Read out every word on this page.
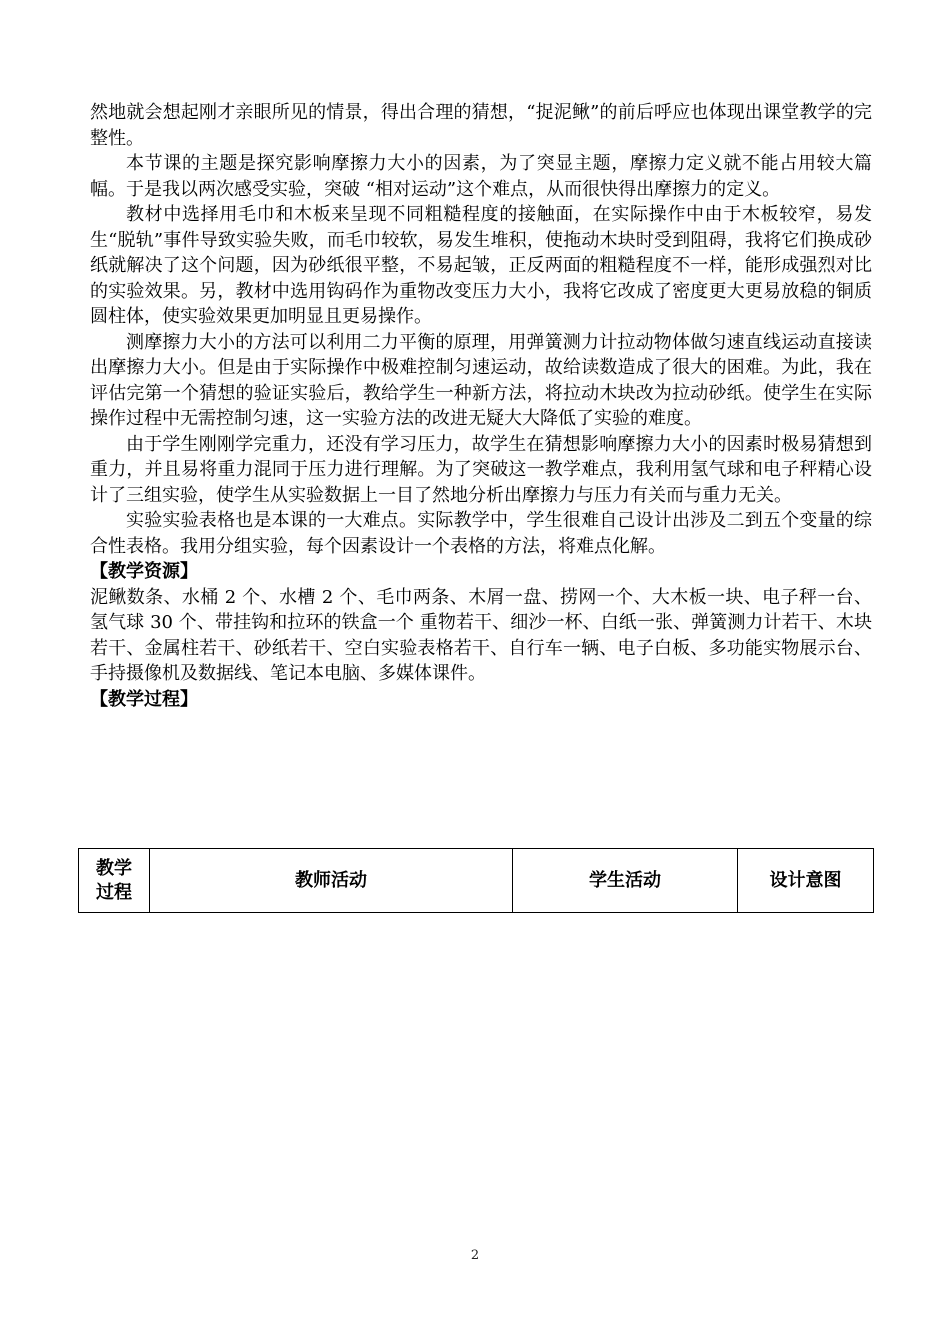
然地就会想起刚才亲眼所见的情景，得出合理的猜想，“捉泥鳅”的前后呼应也体现出课堂教学的完整性。

本节课的主题是探究影响摩擦力大小的因素，为了突显主题，摩擦力定义就不能占用较大篇幅。于是我以两次感受实验，突破 “相对运动”这个难点，从而很快得出摩擦力的定义。

教材中选择用毛巾和木板来呈现不同粗糙程度的接触面，在实际操作中由于木板较窄，易发生“脱轨”事件导致实验失败，而毛巾较软，易发生堆积，使拖动木块时受到阻碍，我将它们换成砂纸就解决了这个问题，因为砂纸很平整，不易起皱，正反两面的粗糙程度不一样，能形成强烈对比的实验效果。另，教材中选用钩码作为重物改变压力大小，我将它改成了密度更大更易放稳的铜质圆柱体，使实验效果更加明显且更易操作。

测摩擦力大小的方法可以利用二力平衡的原理，用弹簧测力计拉动物体做匀速直线运动直接读出摩擦力大小。但是由于实际操作中极难控制匀速运动，故给读数造成了很大的困难。为此，我在评估完第一个猜想的验证实验后，教给学生一种新方法，将拉动木块改为拉动砂纸。使学生在实际操作过程中无需控制匀速，这一实验方法的改进无疑大大降低了实验的难度。

由于学生刚刚学完重力，还没有学习压力，故学生在猜想影响摩擦力大小的因素时极易猜想到重力，并且易将重力混同于压力进行理解。为了突破这一教学难点，我利用氢气球和电子秤精心设计了三组实验，使学生从实验数据上一目了然地分析出摩擦力与压力有关而与重力无关。

实验实验表格也是本课的一大难点。实际教学中，学生很难自己设计出涉及二到五个变量的综合性表格。我用分组实验，每个因素设计一个表格的方法，将难点化解。

【教学资源】

泥鳅数条、水桶 2 个、水槽 2 个、毛巾两条、木屑一盘、捞网一个、大木板一块、电子秤一台、氢气球 30 个、带挂钩和拉环的铁盒一个 重物若干、细沙一杯、白纸一张、弹簧测力计若干、木块若干、金属柱若干、砂纸若干、空白实验表格若干、自行车一辆、电子白板、多功能实物展示台、手持摄像机及数据线、笔记本电脑、多媒体课件。

【教学过程】

教学
过程
	教师活动	学生活动	设计意图
2
